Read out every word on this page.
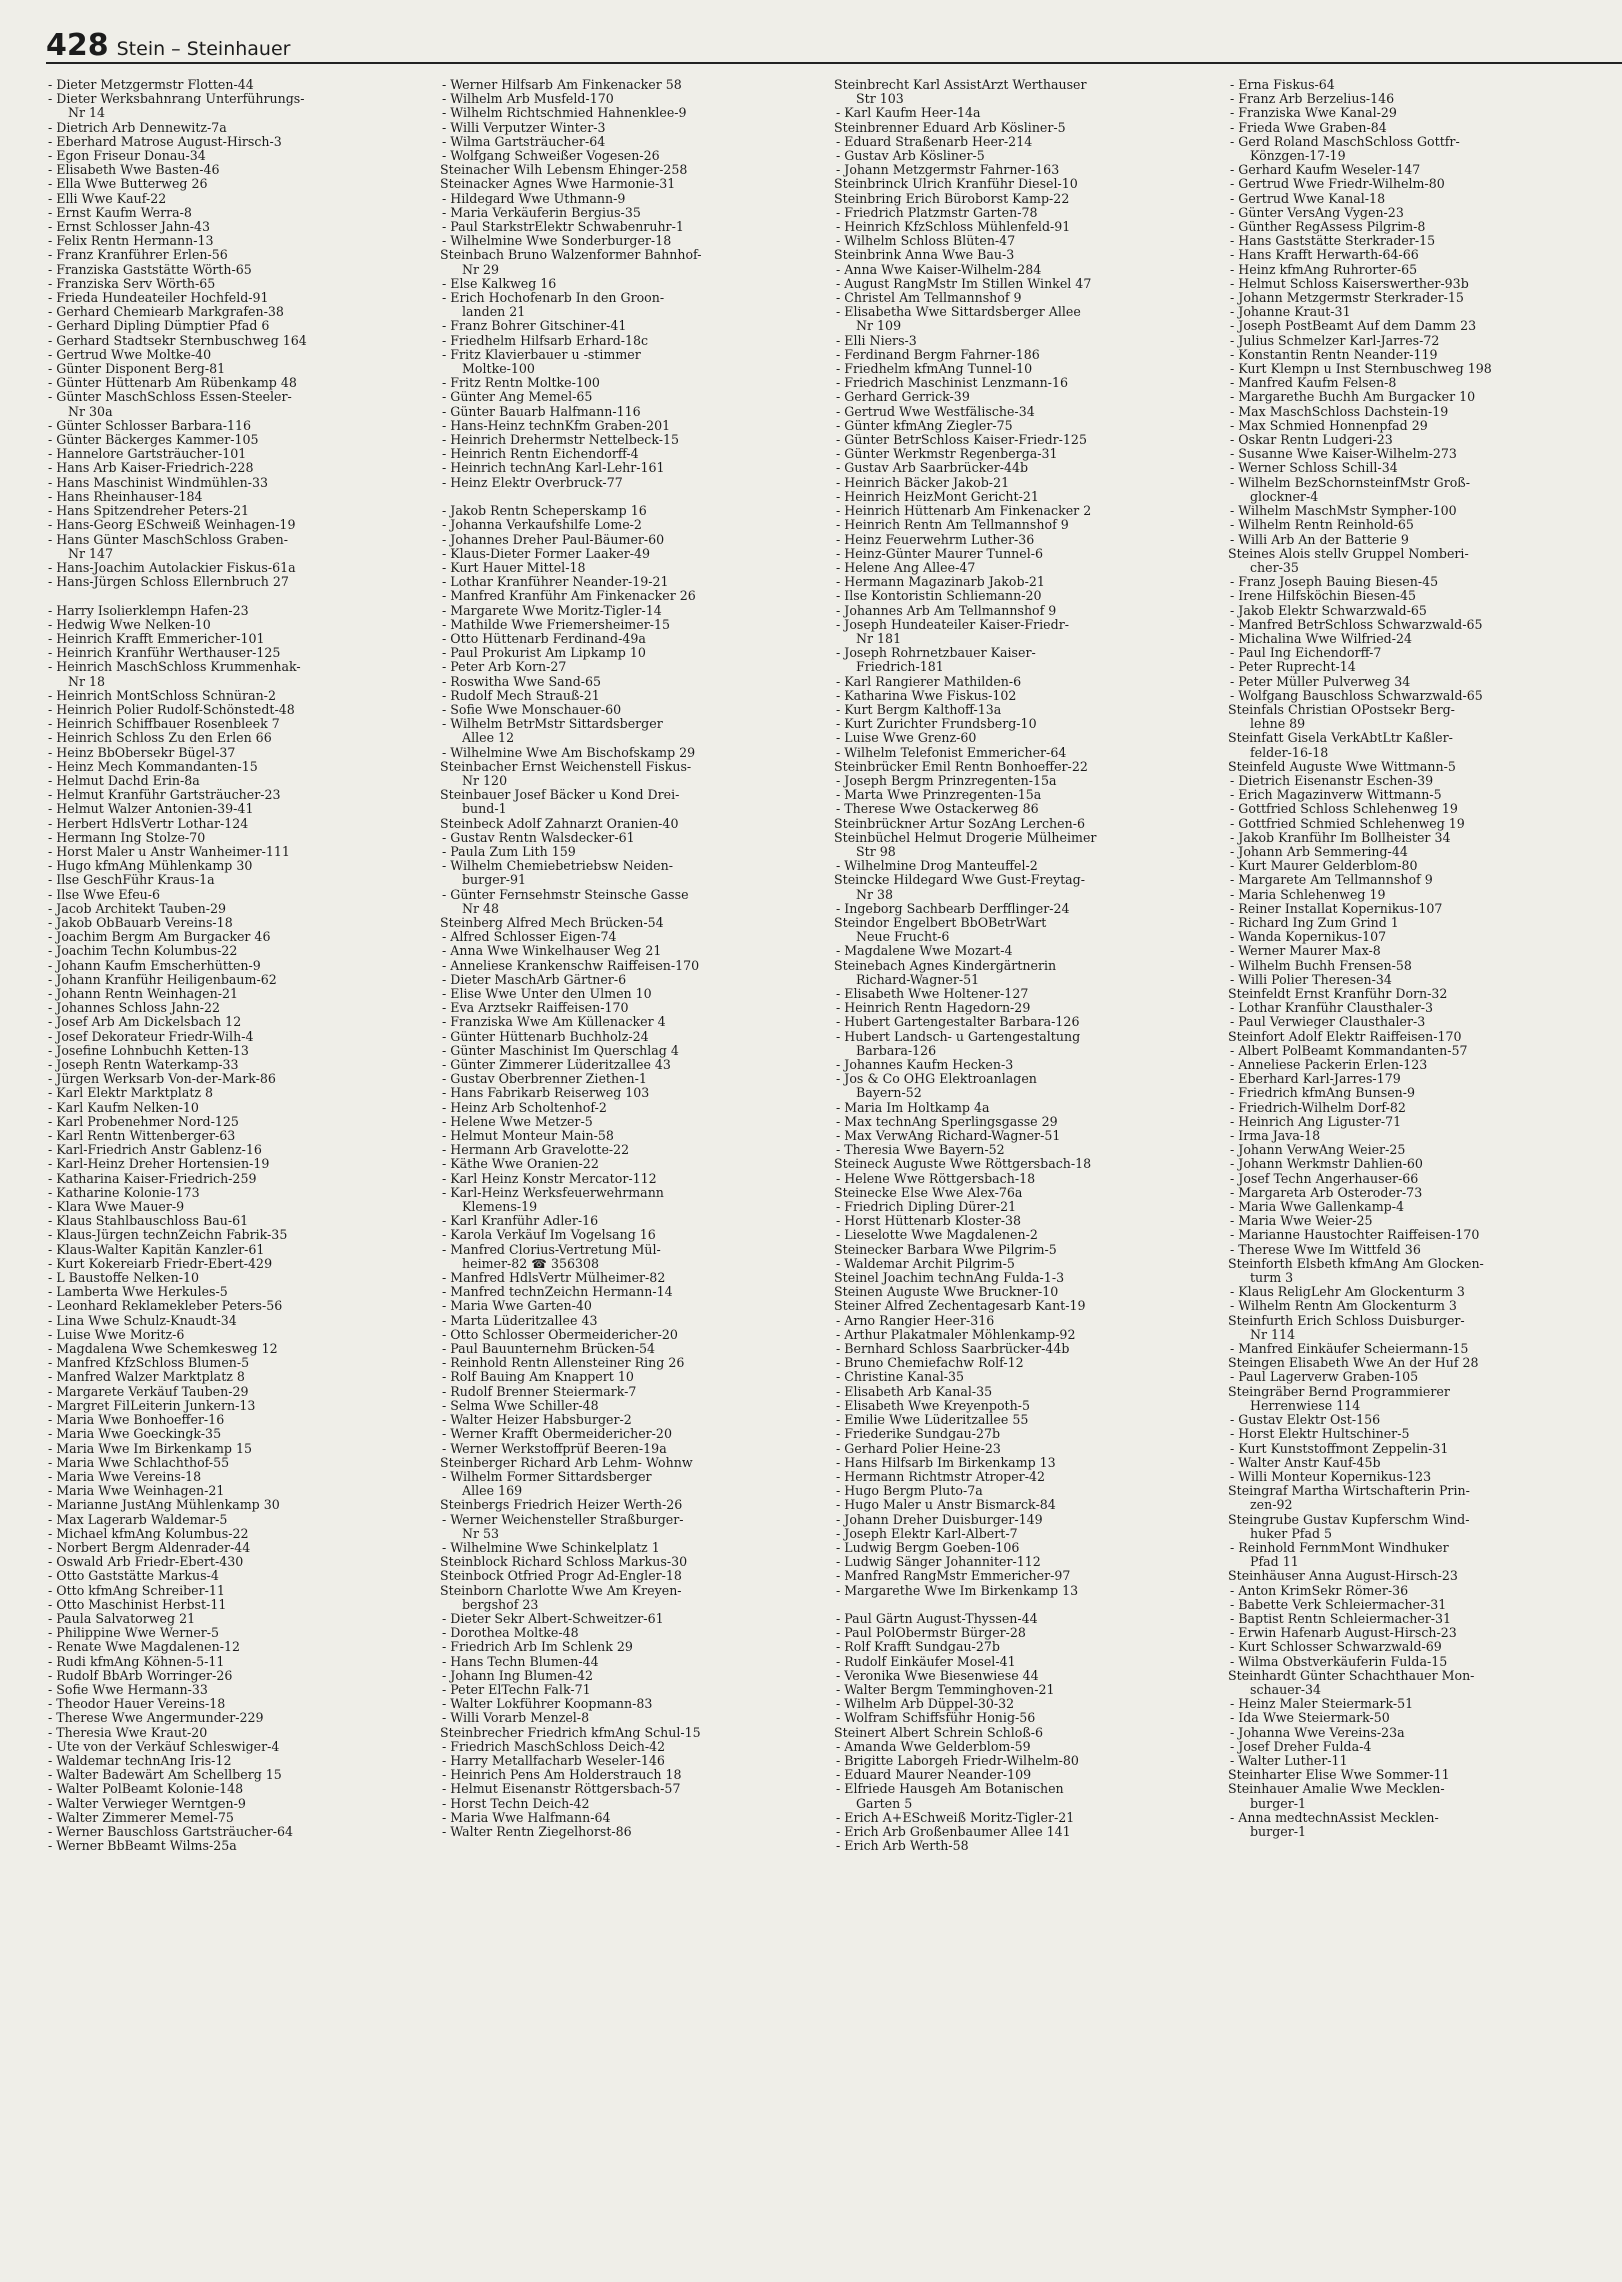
428 Stein – Steinhauer
- Dieter Metzgermstr Flotten-44
- Dieter Werksbahnrang Unterführungs-
Nr 14
- Dietrich Arb Dennewitz-7a
- Eberhard Matrose August-Hirsch-3
- Egon Friseur Donau-34
- Elisabeth Wwe Basten-46
- Ella Wwe Butterweg 26
- Elli Wwe Kauf-22
- Ernst Kaufm Werra-8
- Ernst Schlosser Jahn-43
- Felix Rentn Hermann-13
- Franz Kranführer Erlen-56
- Franziska Gaststätte Wörth-65
- Franziska Serv Wörth-65
- Frieda Hundeateiler Hochfeld-91
- Gerhard Chemiearb Markgrafen-38
- Gerhard Dipling Dümptier Pfad 6
- Gerhard Stadtsekr Sternbuschweg 164
- Gertrud Wwe Moltke-40
- Günter Disponent Berg-81
- Günter Hüttenarb Am Rübenkamp 48
- Günter MaschSchloss Essen-Steeler-
Nr 30a
- Günter Schlosser Barbara-116
- Günter Bäckerges Kammer-105
- Hannelore Gartsträucher-101
- Hans Arb Kaiser-Friedrich-228
- Hans Maschinist Windmühlen-33
- Hans Rheinhauser-184
- Hans Spitzendreher Peters-21
- Hans-Georg ESchweiß Weinhagen-19
- Hans Günter MaschSchloss Graben-
Nr 147
- Hans-Joachim Autolackier Fiskus-61a
- Hans-Jürgen Schloss Ellernbruch 27

- Harry Isolierklempn Hafen-23
- Hedwig Wwe Nelken-10
- Heinrich Krafft Emmericher-101
- Heinrich Kranführ Werthauser-125
- Heinrich MaschSchloss Krummenhak-
Nr 18
- Heinrich MontSchloss Schnüran-2
- Heinrich Polier Rudolf-Schönstedt-48
- Heinrich Schiffbauer Rosenbleek 7
- Heinrich Schloss Zu den Erlen 66
- Heinz BbObersekr Bügel-37
- Heinz Mech Kommandanten-15
- Helmut Dachd Erin-8a
- Helmut Kranführ Gartsträucher-23
- Helmut Walzer Antonien-39-41
- Herbert HdlsVertr Lothar-124
- Hermann Ing Stolze-70
- Horst Maler u Anstr Wanheimer-111
- Hugo kfmAng Mühlenkamp 30
- Ilse GeschFühr Kraus-1a
- Ilse Wwe Efeu-6
- Jacob Architekt Tauben-29
- Jakob ObBauarb Vereins-18
- Joachim Bergm Am Burgacker 46
- Joachim Techn Kolumbus-22
- Johann Kaufm Emscherhütten-9
- Johann Kranführ Heiligenbaum-62
- Johann Rentn Weinhagen-21
- Johannes Schloss Jahn-22
- Josef Arb Am Dickelsbach 12
- Josef Dekorateur Friedr-Wilh-4
- Josefine Lohnbuchh Ketten-13
- Joseph Rentn Waterkamp-33
- Jürgen Werksarb Von-der-Mark-86
- Karl Elektr Marktplatz 8
- Karl Kaufm Nelken-10
- Karl Probenehmer Nord-125
- Karl Rentn Wittenberger-63
- Karl-Friedrich Anstr Gablenz-16
- Karl-Heinz Dreher Hortensien-19
- Katharina Kaiser-Friedrich-259
- Katharine Kolonie-173
- Klara Wwe Mauer-9
- Klaus Stahlbauschloss Bau-61
- Klaus-Jürgen technZeichn Fabrik-35
- Klaus-Walter Kapitän Kanzler-61
- Kurt Kokereiarb Friedr-Ebert-429
- L Baustoffe Nelken-10
- Lamberta Wwe Herkules-5
- Leonhard Reklamekleber Peters-56
- Lina Wwe Schulz-Knaudt-34
- Luise Wwe Moritz-6
- Magdalena Wwe Schemkesweg 12
- Manfred KfzSchloss Blumen-5
- Manfred Walzer Marktplatz 8
- Margarete Verkäuf Tauben-29
- Margret FilLeiterin Junkern-13
- Maria Wwe Bonhoeffer-16
- Maria Wwe Goeckingk-35
- Maria Wwe Im Birkenkamp 15
- Maria Wwe Schlachthof-55
- Maria Wwe Vereins-18
- Maria Wwe Weinhagen-21
- Marianne JustAng Mühlenkamp 30
- Max Lagerarb Waldemar-5
- Michael kfmAng Kolumbus-22
- Norbert Bergm Aldenrader-44
- Oswald Arb Friedr-Ebert-430
- Otto Gaststätte Markus-4
- Otto kfmAng Schreiber-11
- Otto Maschinist Herbst-11
- Paula Salvatorweg 21
- Philippine Wwe Werner-5
- Renate Wwe Magdalenen-12
- Rudi kfmAng Köhnen-5-11
- Rudolf BbArb Worringer-26
- Sofie Wwe Hermann-33
- Theodor Hauer Vereins-18
- Therese Wwe Angermunder-229
- Theresia Wwe Kraut-20
- Ute von der Verkäuf Schleswiger-4
- Waldemar technAng Iris-12
- Walter Badewärt Am Schellberg 15
- Walter PolBeamt Kolonie-148
- Walter Verwieger Werntgen-9
- Walter Zimmerer Memel-75
- Werner Bauschloss Gartsträucher-64
- Werner BbBeamt Wilms-25a
- Werner Hilfsarb Am Finkenacker 58
- Wilhelm Arb Musfeld-170
- Wilhelm Richtschmied Hahnenklee-9
- Willi Verputzer Winter-3
- Wilma Gartsträucher-64
- Wolfgang Schweißer Vogesen-26
Steinacher Wilh Lebensm Ehinger-258
Steinacker Agnes Wwe Harmonie-31
- Hildegard Wwe Uthmann-9
- Maria Verkäuferin Bergius-35
- Paul StarkstrElektr Schwabenruhr-1
- Wilhelmine Wwe Sonderburger-18
Steinbach Bruno Walzenformer Bahnhof-
Nr 29
- Else Kalkweg 16
- Erich Hochofenarb In den Groon-
landen 21
- Franz Bohrer Gitschiner-41
- Friedhelm Hilfsarb Erhard-18c
- Fritz Klavierbauer u -stimmer
Moltke-100
- Fritz Rentn Moltke-100
- Günter Ang Memel-65
- Günter Bauarb Halfmann-116
- Hans-Heinz technKfm Graben-201
- Heinrich Drehermstr Nettelbeck-15
- Heinrich Rentn Eichendorff-4
- Heinrich technAng Karl-Lehr-161
- Heinz Elektr Overbruck-77

- Jakob Rentn Scheperskamp 16
- Johanna Verkaufshilfe Lome-2
- Johannes Dreher Paul-Bäumer-60
- Klaus-Dieter Former Laaker-49
- Kurt Hauer Mittel-18
- Lothar Kranführer Neander-19-21
- Manfred Kranführ Am Finkenacker 26
- Margarete Wwe Moritz-Tigler-14
- Mathilde Wwe Friemersheimer-15
- Otto Hüttenarb Ferdinand-49a
- Paul Prokurist Am Lipkamp 10
- Peter Arb Korn-27
- Roswitha Wwe Sand-65
- Rudolf Mech Strauß-21
- Sofie Wwe Monschauer-60
- Wilhelm BetrMstr Sittardsberger
Allee 12
- Wilhelmine Wwe Am Bischofskamp 29
Steinbacher Ernst Weichenstell Fiskus-
Nr 120
Steinbauer Josef Bäcker u Kond Drei-
bund-1
Steinbeck Adolf Zahnarzt Oranien-40
- Gustav Rentn Walsdecker-61
- Paula Zum Lith 159
- Wilhelm Chemiebetriebsw Neiden-
burger-91
- Günter Fernsehmstr Steinsche Gasse
Nr 48
Steinberg Alfred Mech Brücken-54
- Alfred Schlosser Eigen-74
- Anna Wwe Winkelhauser Weg 21
- Anneliese Krankenschw Raiffeisen-170
- Dieter MaschArb Gärtner-6
- Elise Wwe Unter den Ulmen 10
- Eva Arztsekr Raiffeisen-170
- Franziska Wwe Am Küllenacker 4
- Günter Hüttenarb Buchholz-24
- Günter Maschinist Im Querschlag 4
- Günter Zimmerer Lüderitzallee 43
- Gustav Oberbrenner Ziethen-1
- Hans Fabrikarb Reiserweg 103
- Heinz Arb Scholtenhof-2
- Helene Wwe Metzer-5
- Helmut Monteur Main-58
- Hermann Arb Gravelotte-22
- Käthe Wwe Oranien-22
- Karl Heinz Konstr Mercator-112
- Karl-Heinz Werksfeuerwehrmann
Klemens-19
- Karl Kranführ Adler-16
- Karola Verkäuf Im Vogelsang 16
- Manfred Clorius-Vertretung Mül-
heimer-82 ☎ 356308
- Manfred HdlsVertr Mülheimer-82
- Manfred technZeichn Hermann-14
- Maria Wwe Garten-40
- Marta Lüderitzallee 43
- Otto Schlosser Obermeidericher-20
- Paul Bauunternehm Brücken-54
- Reinhold Rentn Allensteiner Ring 26
- Rolf Bauing Am Knappert 10
- Rudolf Brenner Steiermark-7
- Selma Wwe Schiller-48
- Walter Heizer Habsburger-2
- Werner Krafft Obermeidericher-20
- Werner Werkstoffprüf Beeren-19a
Steinberger Richard Arb Lehm- Wohnw
- Wilhelm Former Sittardsberger
Allee 169
Steinbergs Friedrich Heizer Werth-26
- Werner Weichensteller Straßburger-
Nr 53
- Wilhelmine Wwe Schinkelplatz 1
Steinblock Richard Schloss Markus-30
Steinbock Otfried Progr Ad-Engler-18
Steinborn Charlotte Wwe Am Kreyen-
bergshof 23
- Dieter Sekr Albert-Schweitzer-61
- Dorothea Moltke-48
- Friedrich Arb Im Schlenk 29
- Hans Techn Blumen-44
- Johann Ing Blumen-42
- Peter ElTechn Falk-71
- Walter Lokführer Koopmann-83
- Willi Vorarb Menzel-8
Steinbrecher Friedrich kfmAng Schul-15
- Friedrich MaschSchloss Deich-42
- Harry Metallfacharb Weseler-146
- Heinrich Pens Am Holderstrauch 18
- Helmut Eisenanstr Röttgersbach-57
- Horst Techn Deich-42
- Maria Wwe Halfmann-64
- Walter Rentn Ziegelhorst-86
Steinbrecht Karl AssistArzt Werthauser
Str 103
- Karl Kaufm Heer-14a
Steinbrenner Eduard Arb Kösliner-5
- Eduard Straßenarb Heer-214
- Gustav Arb Kösliner-5
- Johann Metzgermstr Fahrner-163
Steinbrinck Ulrich Kranführ Diesel-10
Steinbring Erich Büroborst Kamp-22
- Friedrich Platzmstr Garten-78
- Heinrich KfzSchloss Mühlenfeld-91
- Wilhelm Schloss Blüten-47
Steinbrink Anna Wwe Bau-3
- Anna Wwe Kaiser-Wilhelm-284
- August RangMstr Im Stillen Winkel 47
- Christel Am Tellmannshof 9
- Elisabetha Wwe Sittardsberger Allee
Nr 109
- Elli Niers-3
- Ferdinand Bergm Fahrner-186
- Friedhelm kfmAng Tunnel-10
- Friedrich Maschinist Lenzmann-16
- Gerhard Gerrick-39
- Gertrud Wwe Westfälische-34
- Günter kfmAng Ziegler-75
- Günter BetrSchloss Kaiser-Friedr-125
- Günter Werkmstr Regenberga-31
- Gustav Arb Saarbrücker-44b
- Heinrich Bäcker Jakob-21
- Heinrich HeizMont Gericht-21
- Heinrich Hüttenarb Am Finkenacker 2
- Heinrich Rentn Am Tellmannshof 9
- Heinz Feuerwehrm Luther-36
- Heinz-Günter Maurer Tunnel-6
- Helene Ang Allee-47
- Hermann Magazinarb Jakob-21
- Ilse Kontoristin Schliemann-20
- Johannes Arb Am Tellmannshof 9
- Joseph Hundeateiler Kaiser-Friedr-
Nr 181
- Joseph Rohrnetzbauer Kaiser-
Friedrich-181
- Karl Rangierer Mathilden-6
- Katharina Wwe Fiskus-102
- Kurt Bergm Kalthoff-13a
- Kurt Zurichter Frundsberg-10
- Luise Wwe Grenz-60
- Wilhelm Telefonist Emmericher-64
Steinbrücker Emil Rentn Bonhoeffer-22
- Joseph Bergm Prinzregenten-15a
- Marta Wwe Prinzregenten-15a
- Therese Wwe Ostackerweg 86
Steinbrückner Artur SozAng Lerchen-6
Steinbüchel Helmut Drogerie Mülheimer
Str 98
- Wilhelmine Drog Manteuffel-2
Steincke Hildegard Wwe Gust-Freytag-
Nr 38
- Ingeborg Sachbearb Derfflinger-24
Steindor Engelbert BbOBetrWart
Neue Frucht-6
- Magdalene Wwe Mozart-4
Steinebach Agnes Kindergärtnerin
Richard-Wagner-51
- Elisabeth Wwe Holtener-127
- Heinrich Rentn Hagedorn-29
- Hubert Gartengestalter Barbara-126
- Hubert Landsch- u Gartengestaltung
Barbara-126
- Johannes Kaufm Hecken-3
- Jos & Co OHG Elektroanlagen
Bayern-52
- Maria Im Holtkamp 4a
- Max technAng Sperlingsgasse 29
- Max VerwAng Richard-Wagner-51
- Theresia Wwe Bayern-52
Steineck Auguste Wwe Röttgersbach-18
- Helene Wwe Röttgersbach-18
Steinecke Else Wwe Alex-76a
- Friedrich Dipling Dürer-21
- Horst Hüttenarb Kloster-38
- Lieselotte Wwe Magdalenen-2
Steinecker Barbara Wwe Pilgrim-5
- Waldemar Archit Pilgrim-5
Steinel Joachim technAng Fulda-1-3
Steinen Auguste Wwe Bruckner-10
Steiner Alfred Zechentagesarb Kant-19
- Arno Rangier Heer-316
- Arthur Plakatmaler Möhlenkamp-92
- Bernhard Schloss Saarbrücker-44b
- Bruno Chemiefachw Rolf-12
- Christine Kanal-35
- Elisabeth Arb Kanal-35
- Elisabeth Wwe Kreyenpoth-5
- Emilie Wwe Lüderitzallee 55
- Friederike Sundgau-27b
- Gerhard Polier Heine-23
- Hans Hilfsarb Im Birkenkamp 13
- Hermann Richtmstr Atroper-42
- Hugo Bergm Pluto-7a
- Hugo Maler u Anstr Bismarck-84
- Johann Dreher Duisburger-149
- Joseph Elektr Karl-Albert-7
- Ludwig Bergm Goeben-106
- Ludwig Sänger Johanniter-112
- Manfred RangMstr Emmericher-97
- Margarethe Wwe Im Birkenkamp 13

- Paul Gärtn August-Thyssen-44
- Paul PolObermstr Bürger-28
- Rolf Krafft Sundgau-27b
- Rudolf Einkäufer Mosel-41
- Veronika Wwe Biesenwiese 44
- Walter Bergm Temminghoven-21
- Wilhelm Arb Düppel-30-32
- Wolfram Schiffsführ Honig-56
Steinert Albert Schrein Schloß-6
- Amanda Wwe Gelderblom-59
- Brigitte Laborgeh Friedr-Wilhelm-80
- Eduard Maurer Neander-109
- Elfriede Hausgeh Am Botanischen
Garten 5
- Erich A+ESchweiß Moritz-Tigler-21
- Erich Arb Großenbaumer Allee 141
- Erich Arb Werth-58
- Erna Fiskus-64
- Franz Arb Berzelius-146
- Franziska Wwe Kanal-29
- Frieda Wwe Graben-84
- Gerd Roland MaschSchloss Gottfr-
Könzgen-17-19
- Gerhard Kaufm Weseler-147
- Gertrud Wwe Friedr-Wilhelm-80
- Gertrud Wwe Kanal-18
- Günter VersAng Vygen-23
- Günther RegAssess Pilgrim-8
- Hans Gaststätte Sterkrader-15
- Hans Krafft Herwarth-64-66
- Heinz kfmAng Ruhrorter-65
- Helmut Schloss Kaiserswerther-93b
- Johann Metzgermstr Sterkrader-15
- Johanne Kraut-31
- Joseph PostBeamt Auf dem Damm 23
- Julius Schmelzer Karl-Jarres-72
- Konstantin Rentn Neander-119
- Kurt Klempn u Inst Sternbuschweg 198
- Manfred Kaufm Felsen-8
- Margarethe Buchh Am Burgacker 10
- Max MaschSchloss Dachstein-19
- Max Schmied Honnenpfad 29
- Oskar Rentn Ludgeri-23
- Susanne Wwe Kaiser-Wilhelm-273
- Werner Schloss Schill-34
- Wilhelm BezSchornsteinfMstr Groß-
glockner-4
- Wilhelm MaschMstr Sympher-100
- Wilhelm Rentn Reinhold-65
- Willi Arb An der Batterie 9
Steines Alois stellv Gruppel Nomberi-
cher-35
- Franz Joseph Bauing Biesen-45
- Irene Hilfsköchin Biesen-45
- Jakob Elektr Schwarzwald-65
- Manfred BetrSchloss Schwarzwald-65
- Michalina Wwe Wilfried-24
- Paul Ing Eichendorff-7
- Peter Ruprecht-14
- Peter Müller Pulverweg 34
- Wolfgang Bauschloss Schwarzwald-65
Steinfals Christian OPostsekr Berg-
lehne 89
Steinfatt Gisela VerkAbtLtr Kaßler-
felder-16-18
Steinfeld Auguste Wwe Wittmann-5
- Dietrich Eisenanstr Eschen-39
- Erich Magazinverw Wittmann-5
- Gottfried Schloss Schlehenweg 19
- Gottfried Schmied Schlehenweg 19
- Jakob Kranführ Im Bollheister 34
- Johann Arb Semmering-44
- Kurt Maurer Gelderblom-80
- Margarete Am Tellmannshof 9
- Maria Schlehenweg 19
- Reiner Installat Kopernikus-107
- Richard Ing Zum Grind 1
- Wanda Kopernikus-107
- Werner Maurer Max-8
- Wilhelm Buchh Frensen-58
- Willi Polier Theresen-34
Steinfeldt Ernst Kranführ Dorn-32
- Lothar Kranführ Clausthaler-3
- Paul Verwieger Clausthaler-3
Steinfort Adolf Elektr Raiffeisen-170
- Albert PolBeamt Kommandanten-57
- Anneliese Packerin Erlen-123
- Eberhard Karl-Jarres-179
- Friedrich kfmAng Bunsen-9
- Friedrich-Wilhelm Dorf-82
- Heinrich Ang Liguster-71
- Irma Java-18
- Johann VerwAng Weier-25
- Johann Werkmstr Dahlien-60
- Josef Techn Angerhauser-66
- Margareta Arb Osteroder-73
- Maria Wwe Gallenkamp-4
- Maria Wwe Weier-25
- Marianne Haustochter Raiffeisen-170
- Therese Wwe Im Wittfeld 36
Steinforth Elsbeth kfmAng Am Glocken-
turm 3
- Klaus ReligLehr Am Glockenturm 3
- Wilhelm Rentn Am Glockenturm 3
Steinfurth Erich Schloss Duisburger-
Nr 114
- Manfred Einkäufer Scheiermann-15
Steingen Elisabeth Wwe An der Huf 28
- Paul Lagerverw Graben-105
Steingräber Bernd Programmierer
Herrenwiese 114
- Gustav Elektr Ost-156
- Horst Elektr Hultschiner-5
- Kurt Kunststoffmont Zeppelin-31
- Walter Anstr Kauf-45b
- Willi Monteur Kopernikus-123
Steingraf Martha Wirtschafterin Prin-
zen-92
Steingrube Gustav Kupferschm Wind-
huker Pfad 5
- Reinhold FernmMont Windhuker
Pfad 11
Steinhäuser Anna August-Hirsch-23
- Anton KrimSekr Römer-36
- Babette Verk Schleiermacher-31
- Baptist Rentn Schleiermacher-31
- Erwin Hafenarb August-Hirsch-23
- Kurt Schlosser Schwarzwald-69
- Wilma Obstverkäuferin Fulda-15
Steinhardt Günter Schachthauer Mon-
schauer-34
- Heinz Maler Steiermark-51
- Ida Wwe Steiermark-50
- Johanna Wwe Vereins-23a
- Josef Dreher Fulda-4
- Walter Luther-11
Steinharter Elise Wwe Sommer-11
Steinhauer Amalie Wwe Mecklen-
burger-1
- Anna medtechnAssist Mecklen-
burger-1
